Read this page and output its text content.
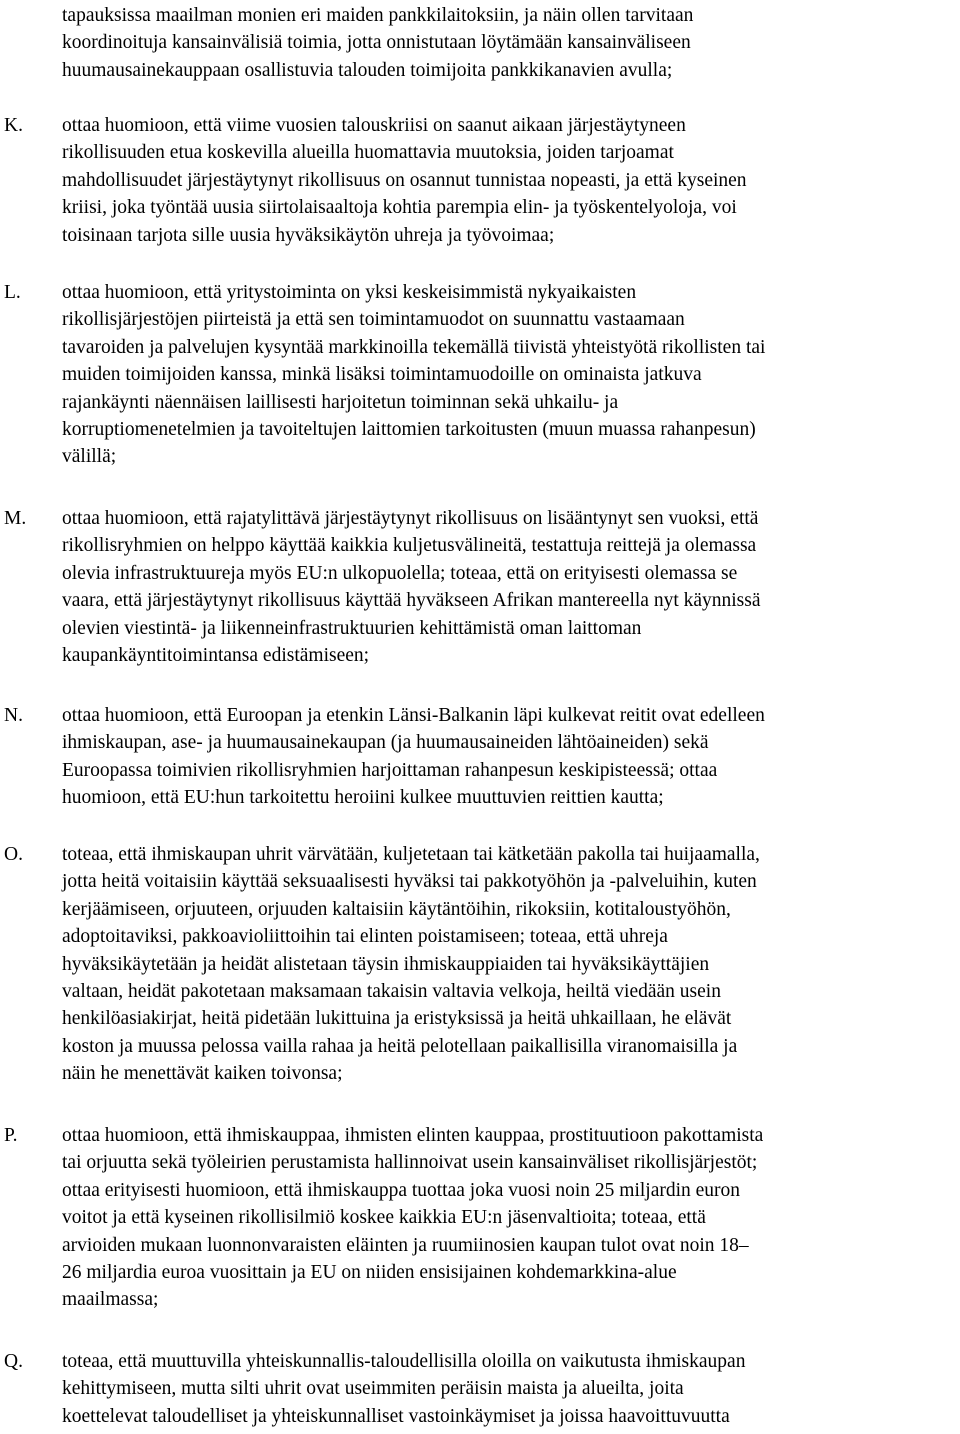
tapauksissa maailman monien eri maiden pankkilaitoksiin, ja näin ollen tarvitaan
koordinoituja kansainvälisiä toimia, jotta onnistutaan löytämään kansainväliseen
huumausainekauppaan osallistuvia talouden toimijoita pankkikanavien avulla;
K. ottaa huomioon, että viime vuosien talouskriisi on saanut aikaan järjestäytyneen
rikollisuuden etua koskevilla alueilla huomattavia muutoksia, joiden tarjoamat
mahdollisuudet järjestäytynyt rikollisuus on osannut tunnistaa nopeasti, ja että kyseinen
kriisi, joka työntää uusia siirtolaisaaltoja kohtia parempia elin- ja työskentelyoloja, voi
toisinaan tarjota sille uusia hyväksikäytön uhreja ja työvoimaa;
L. ottaa huomioon, että yritystoiminta on yksi keskeisimmistä nykyaikaisten
rikollisjärjestöjen piirteistä ja että sen toimintamuodot on suunnattu vastaamaan
tavaroiden ja palvelujen kysyntää markkinoilla tekemällä tiivistä yhteistyötä rikollisten tai
muiden toimijoiden kanssa, minkä lisäksi toimintamuodoille on ominaista jatkuva
rajankäynti näennäisen laillisesti harjoitetun toiminnan sekä uhkailu- ja
korruptiomenetelmien ja tavoiteltujen laittomien tarkoitusten (muun muassa rahanpesun)
välillä;
M. ottaa huomioon, että rajatylittävä järjestäytynyt rikollisuus on lisääntynyt sen vuoksi, että
rikollisryhmien on helppo käyttää kaikkia kuljetusvälineitä, testattuja reittejä ja olemassa
olevia infrastruktuureja myös EU:n ulkopuolella; toteaa, että on erityisesti olemassa se
vaara, että järjestäytynyt rikollisuus käyttää hyväkseen Afrikan mantereella nyt käynnissä
olevien viestintä- ja liikenneinfrastruktuurien kehittämistä oman laittoman
kaupankäyntitoimintansa edistämiseen;
N. ottaa huomioon, että Euroopan ja etenkin Länsi-Balkanin läpi kulkevat reitit ovat edelleen
ihmiskaupan, ase- ja huumausainekaupan (ja huumausaineiden lähtöaineiden) sekä
Euroopassa toimivien rikollisryhmien harjoittaman rahanpesun keskipisteessä; ottaa
huomioon, että EU:hun tarkoitettu heroiini kulkee muuttuvien reittien kautta;
O. toteaa, että ihmiskaupan uhrit värvätään, kuljetetaan tai kätketään pakolla tai huijaamalla,
jotta heitä voitaisiin käyttää seksuaalisesti hyväksi tai pakkotyöhön ja -palveluihin, kuten
kerjäämiseen, orjuuteen, orjuuden kaltaisiin käytäntöihin, rikoksiin, kotitaloustyöhön,
adoptoitaviksi, pakkoavioliittoihin tai elinten poistamiseen; toteaa, että uhreja
hyväksikäytetään ja heidät alistetaan täysin ihmiskauppiaiden tai hyväksikäyttäjien
valtaan, heidät pakotetaan maksamaan takaisin valtavia velkoja, heiltä viedään usein
henkilöasiakirjat, heitä pidetään lukittuina ja eristyksissä ja heitä uhkaillaan, he elävät
koston ja muussa pelossa vailla rahaa ja heitä pelotellaan paikallisilla viranomaisilla ja
näin he menettävät kaiken toivonsa;
P. ottaa huomioon, että ihmiskauppaa, ihmisten elinten kauppaa, prostituutioon pakottamista
tai orjuutta sekä työleirien perustamista hallinnoivat usein kansainväliset rikollisjärjestöt;
ottaa erityisesti huomioon, että ihmiskauppa tuottaa joka vuosi noin 25 miljardin euron
voitot ja että kyseinen rikollisilmiö koskee kaikkia EU:n jäsenvaltioita; toteaa, että
arvioiden mukaan luonnonvaraisten eläinten ja ruumiinosien kaupan tulot ovat noin 18–
26 miljardia euroa vuosittain ja EU on niiden ensisijainen kohdemarkkina-alue
maailmassa;
Q. toteaa, että muuttuvilla yhteiskunnallis-taloudellisilla oloilla on vaikutusta ihmiskaupan
kehittymiseen, mutta silti uhrit ovat useimmiten peräisin maista ja alueilta, joita
koettelevat taloudelliset ja yhteiskunnalliset vastoinkäymiset ja joissa haavoittuvuutta
